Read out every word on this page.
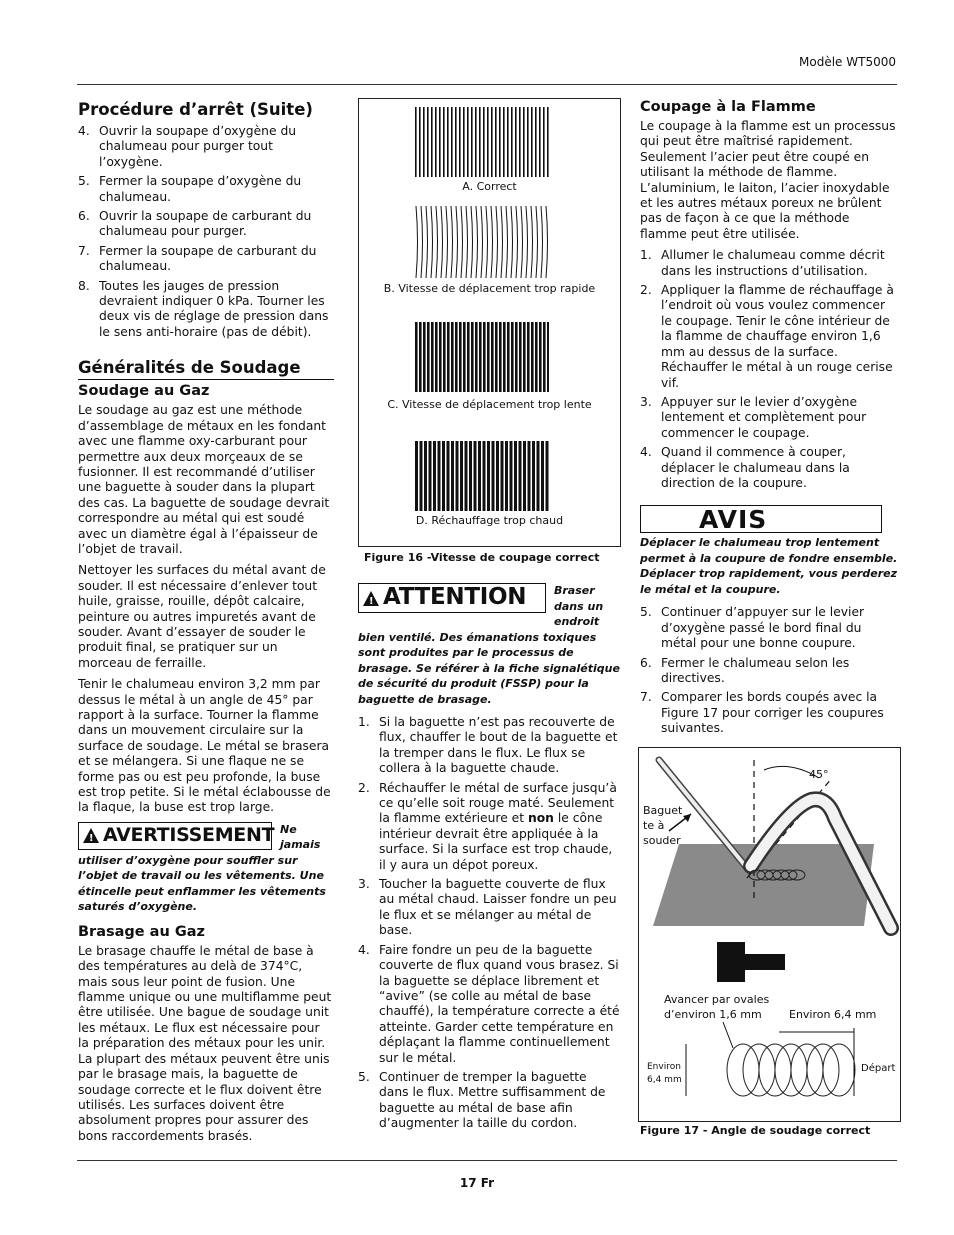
Modèle WT5000
Procédure d’arrêt (Suite)
4. Ouvrir la soupape d’oxygène du chalumeau pour purger tout l’oxygène.
5. Fermer la soupape d’oxygène du chalumeau.
6. Ouvrir la soupape de carburant du chalumeau pour purger.
7. Fermer la soupape de carburant du chalumeau.
8. Toutes les jauges de pression devraient indiquer 0 kPa. Tourner les deux vis de réglage de pression dans le sens anti-horaire (pas de débit).
Généralités de Soudage
Soudage au Gaz

Le soudage au gaz est une méthode d’assemblage de métaux en les fondant avec une flamme oxy-carburant pour permettre aux deux morçeaux de se fusionner. Il est recommandé d’utiliser une baguette à souder dans la plupart des cas. La baguette de soudage devrait correspondre au métal qui est soudé avec un diamètre égal à l’épaisseur de l’objet de travail.

Nettoyer les surfaces du métal avant de souder. Il est nécessaire d’enlever tout huile, graisse, rouille, dépôt calcaire, peinture ou autres impuretés avant de souder. Avant d’essayer de souder le produit final, se pratiquer sur un morceau de ferraille.

Tenir le chalumeau environ 3,2 mm par dessus le métal à un angle de 45° par rapport à la surface. Tourner la flamme dans un mouvement circulaire sur la surface de soudage. Le métal se brasera et se mélangera. Si une flaque ne se forme pas ou est peu profonde, la buse est trop petite. Si le métal éclabousse de la flaque, la buse est trop large.

!
AVERTISSEMENT Ne jamais utiliser d’oxygène pour souffler sur l’objet de travail ou les vêtements. Une étincelle peut enflammer les vêtements saturés d’oxygène.
Brasage au Gaz

Le brasage chauffe le métal de base à des températures au delà de 374°C, mais sous leur point de fusion. Une flamme unique ou une multiflamme peut être utilisée. Une bague de soudage unit les métaux. Le flux est nécessaire pour la préparation des métaux pour les unir. La plupart des métaux peuvent être unis par le brasage mais, la baguette de soudage correcte et le flux doivent être utilisés. Les surfaces doivent être absolument propres pour assurer des bons raccordements brasés.

A. Correct
B. Vitesse de déplacement trop rapide
C. Vitesse de déplacement trop lente
D. Réchauffage trop chaud
Figure 16 -Vitesse de coupage correct
!
ATTENTION	Braser dans un endroit bien ventilé. Des émanations toxiques sont produites par le processus de brasage. Se référer à la fiche signalétique de sécurité du produit (FSSP) pour la baguette de brasage.
1. Si la baguette n’est pas recouverte de flux, chauffer le bout de la baguette et la tremper dans le flux. Le flux se collera à la baguette chaude.
2. Réchauffer le métal de surface jusqu’à ce qu’elle soit rouge maté. Seulement la flamme extérieure et non le cône intérieur devrait être appliquée à la surface. Si la surface est trop chaude, il y aura un dépot poreux.
3. Toucher la baguette couverte de flux au métal chaud. Laisser fondre un peu le flux et se mélanger au métal de base.
4. Faire fondre un peu de la baguette couverte de flux quand vous brasez. Si la baguette se déplace librement et “avive” (se colle au métal de base chauffé), la température correcte a été atteinte. Garder cette température en déplaçant la flamme continuellement sur le métal.
5. Continuer de tremper la baguette dans le flux. Mettre suffisamment de baguette au métal de base afin d’augmenter la taille du cordon.
Coupage à la Flamme

Le coupage à la flamme est un processus qui peut être maîtrisé rapidement. Seulement l’acier peut être coupé en utilisant la méthode de flamme. L’aluminium, le laiton, l’acier inoxydable et les autres métaux poreux ne brûlent pas de façon à ce que la méthode flamme peut être utilisée.

1. Allumer le chalumeau comme décrit dans les instructions d’utilisation.
2. Appliquer la flamme de réchauffage à l’endroit où vous voulez commencer le coupage. Tenir le cône intérieur de la flamme de chauffage environ 1,6 mm au dessus de la surface. Réchauffer le métal à un rouge cerise vif.
3. Appuyer sur le levier d’oxygène lentement et complètement pour commencer le coupage.
4. Quand il commence à couper, déplacer le chalumeau dans la direction de la coupure.
AVIS
Déplacer le chalumeau trop lentement permet à la coupure de fondre ensemble. Déplacer trop rapidement, vous perderez le métal et la coupure.
5. Continuer d’appuyer sur le levier d’oxygène passé le bord final du métal pour une bonne coupure.
6. Fermer le chalumeau selon les directives.
7. Comparer les bords coupés avec la Figure 17 pour corriger les coupures suivantes.
45°
Baguet
te à
souder
Avancer par ovales
d’environ 1,6 mm	Environ 6,4 mm
Environ
6,4 mm
Départ
Figure 17 - Angle de soudage correct
17 Fr
